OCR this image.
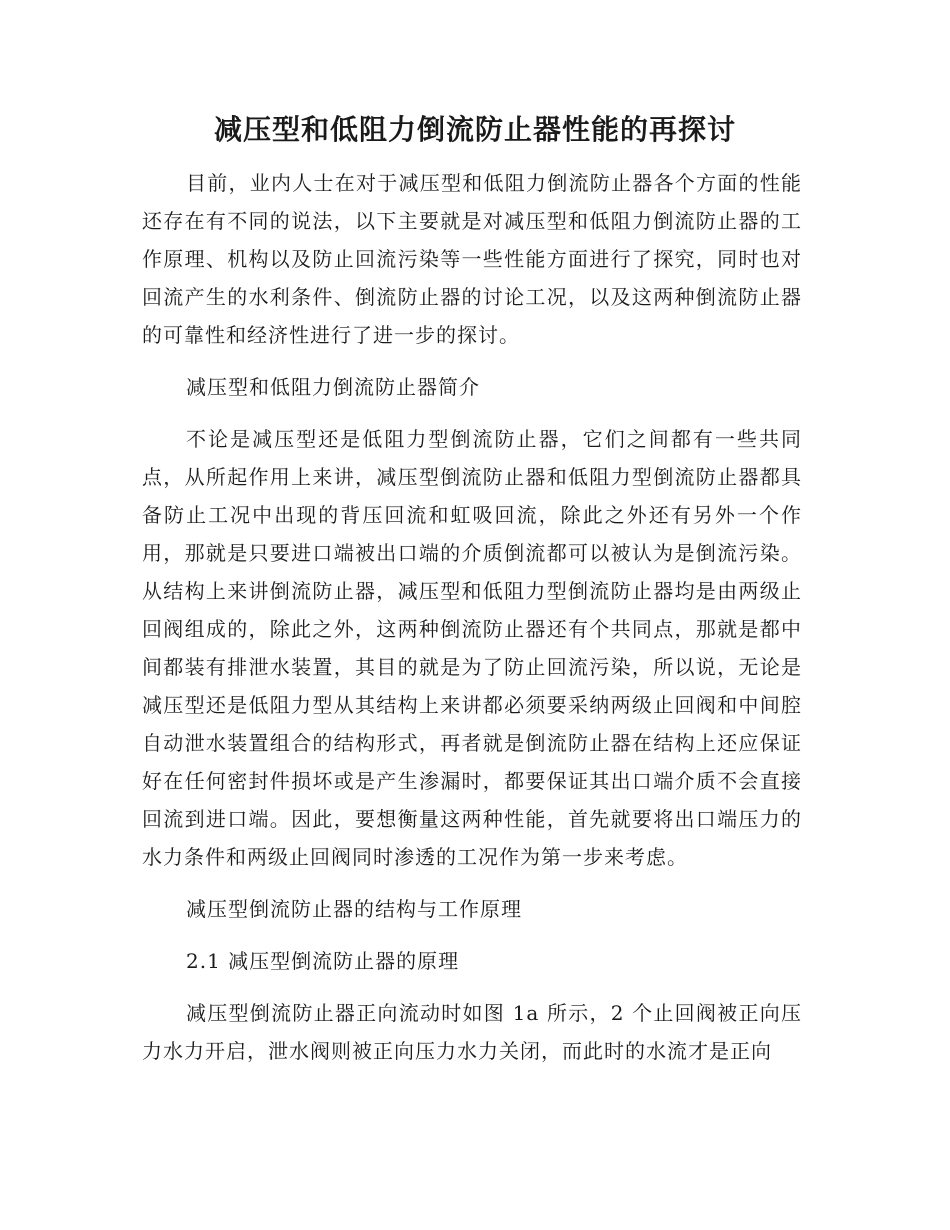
减压型和低阻力倒流防止器性能的再探讨

目前，业内人士在对于减压型和低阻力倒流防止器各个方面的性能还存在有不同的说法，以下主要就是对减压型和低阻力倒流防止器的工作原理、机构以及防止回流污染等一些性能方面进行了探究，同时也对回流产生的水利条件、倒流防止器的讨论工况，以及这两种倒流防止器的可靠性和经济性进行了进一步的探讨。

减压型和低阻力倒流防止器简介

不论是减压型还是低阻力型倒流防止器，它们之间都有一些共同点，从所起作用上来讲，减压型倒流防止器和低阻力型倒流防止器都具备防止工况中出现的背压回流和虹吸回流，除此之外还有另外一个作用，那就是只要进口端被出口端的介质倒流都可以被认为是倒流污染。从结构上来讲倒流防止器，减压型和低阻力型倒流防止器均是由两级止回阀组成的，除此之外，这两种倒流防止器还有个共同点，那就是都中间都装有排泄水装置，其目的就是为了防止回流污染，所以说，无论是减压型还是低阻力型从其结构上来讲都必须要采纳两级止回阀和中间腔自动泄水装置组合的结构形式，再者就是倒流防止器在结构上还应保证好在任何密封件损坏或是产生渗漏时，都要保证其出口端介质不会直接回流到进口端。因此，要想衡量这两种性能，首先就要将出口端压力的水力条件和两级止回阀同时渗透的工况作为第一步来考虑。

减压型倒流防止器的结构与工作原理

2.1 减压型倒流防止器的原理

减压型倒流防止器正向流动时如图 1a 所示，2 个止回阀被正向压力水力开启，泄水阀则被正向压力水力关闭，而此时的水流才是正向
